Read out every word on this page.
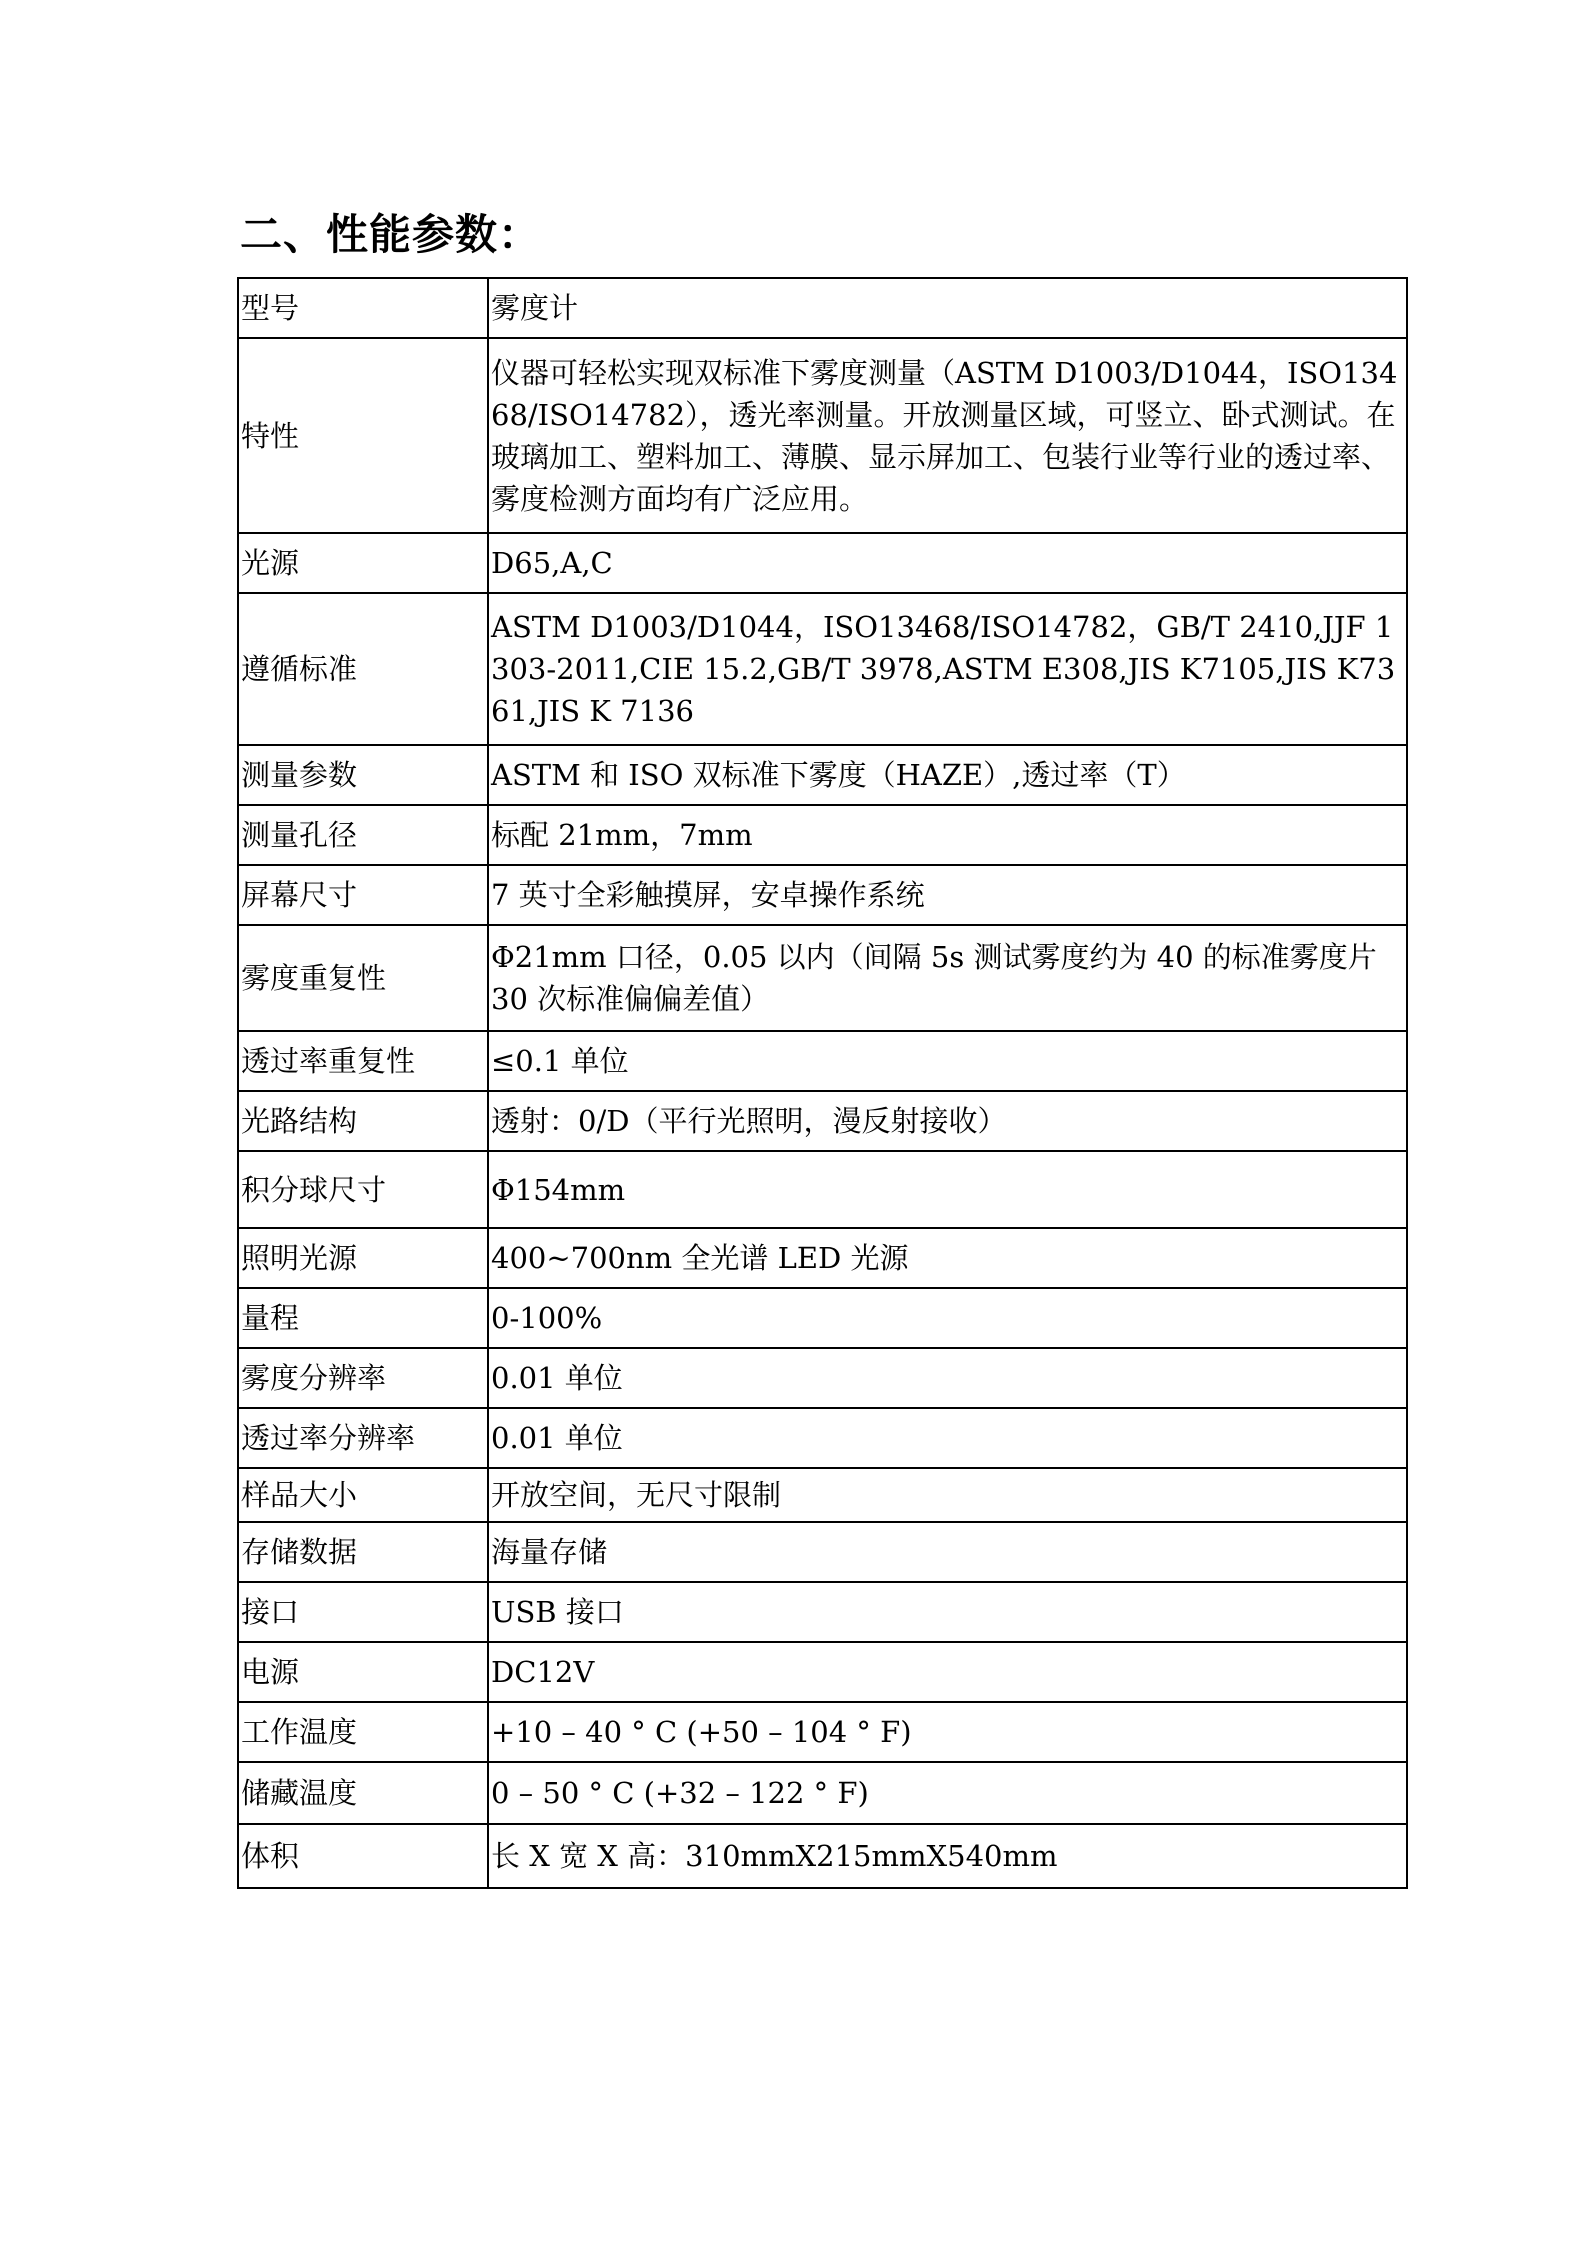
二、性能参数：
型号	雾度计
特性	仪器可轻松实现双标准下雾度测量（ASTM D1003/D1044，ISO13468/ISO14782），透光率测量。开放测量区域，可竖立、卧式测试。在玻璃加工、塑料加工、薄膜、显示屏加工、包装行业等行业的透过率、雾度检测方面均有广泛应用。
光源	D65,A,C
遵循标准	ASTM D1003/D1044，ISO13468/ISO14782，GB/T 2410,JJF 1303-2011,CIE 15.2,GB/T 3978,ASTM E308,JIS K7105,JIS K7361,JIS K 7136
测量参数	ASTM 和 ISO 双标准下雾度（HAZE）,透过率（T）
测量孔径	标配 21mm，7mm
屏幕尺寸	7 英寸全彩触摸屏，安卓操作系统
雾度重复性	Φ21mm 口径，0.05 以内（间隔 5s 测试雾度约为 40 的标准雾度片 30 次标准偏偏差值）
透过率重复性	≤0.1 单位
光路结构	透射：0/D（平行光照明，漫反射接收）
积分球尺寸	Φ154mm
照明光源	400~700nm 全光谱 LED 光源
量程	0-100%
雾度分辨率	0.01 单位
透过率分辨率	0.01 单位
样品大小	开放空间，无尺寸限制
存储数据	海量存储
接口	USB 接口
电源	DC12V
工作温度	+10 – 40 ° C (+50 – 104 ° F)
储藏温度	0 – 50 ° C (+32 – 122 ° F)
体积	长 X 宽 X 高：310mmX215mmX540mm
